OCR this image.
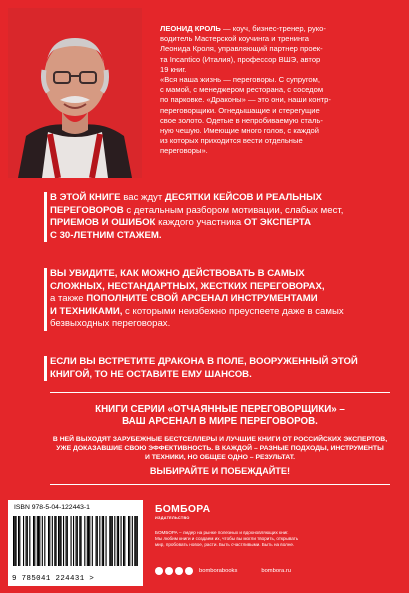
ЛЕОНИД КРОЛЬ — коуч, бизнес-тренер, руко-
водитель Мастерской коучинга и тренинга
Леонида Кроля, управляющий партнер проек-
та Incantico (Италия), профессор ВШЭ, автор
19 книг.

«Вся наша жизнь — переговоры. С супругом,
с мамой, с менеджером ресторана, с соседом
по парковке. «Драконы» — это они, наши контр-
переговорщики. Огнедышащие и стерегущие
свое золото. Одетые в непробиваемую сталь-
ную чешую. Имеющие много голов, с каждой
из которых приходится вести отдельные
переговоры».

В ЭТОЙ КНИГЕ вас ждут ДЕСЯТКИ КЕЙСОВ И РЕАЛЬНЫХ
ПЕРЕГОВОРОВ с детальным разбором мотивации, слабых мест,
ПРИЕМОВ И ОШИБОК каждого участника ОТ ЭКСПЕРТА
С 30-ЛЕТНИМ СТАЖЕМ.
ВЫ УВИДИТЕ, КАК МОЖНО ДЕЙСТВОВАТЬ В САМЫХ
СЛОЖНЫХ, НЕСТАНДАРТНЫХ, ЖЕСТКИХ ПЕРЕГОВОРАХ,
а также ПОПОЛНИТЕ СВОЙ АРСЕНАЛ ИНСТРУМЕНТАМИ
И ТЕХНИКАМИ, с которыми неизбежно преуспеете даже в самых
безвыходных переговорах.
ЕСЛИ ВЫ ВСТРЕТИТЕ ДРАКОНА В ПОЛЕ, ВООРУЖЕННЫЙ ЭТОЙ
КНИГОЙ, ТО НЕ ОСТАВИТЕ ЕМУ ШАНСОВ.
КНИГИ СЕРИИ «ОТЧАЯННЫЕ ПЕРЕГОВОРЩИКИ» –
ВАШ АРСЕНАЛ В МИРЕ ПЕРЕГОВОРОВ.
В НЕЙ ВЫХОДЯТ ЗАРУБЕЖНЫЕ БЕСТСЕЛЛЕРЫ И ЛУЧШИЕ КНИГИ ОТ РОССИЙСКИХ ЭКСПЕРТОВ,
УЖЕ ДОКАЗАВШИЕ СВОЮ ЭФФЕКТИВНОСТЬ. В КАЖДОЙ – РАЗНЫЕ ПОДХОДЫ, ИНСТРУМЕНТЫ
И ТЕХНИКИ, НО ОБЩЕЕ ОДНО – РЕЗУЛЬТАТ.
ВЫБИРАЙТЕ И ПОБЕЖДАЙТЕ!
ISBN 978-5-04-122443-1
9 785041 224431 >
БОМБОРА
ИЗДАТЕЛЬСТВО
БОМБОРА – лидер на рынке полезных и вдохновляющих книг.
Мы любим книги и создаем их, чтобы вы могли творить, открывать
мир, пробовать новое, расти. Быть счастливыми. Быть на волне.
bomborabooks	bombora.ru
